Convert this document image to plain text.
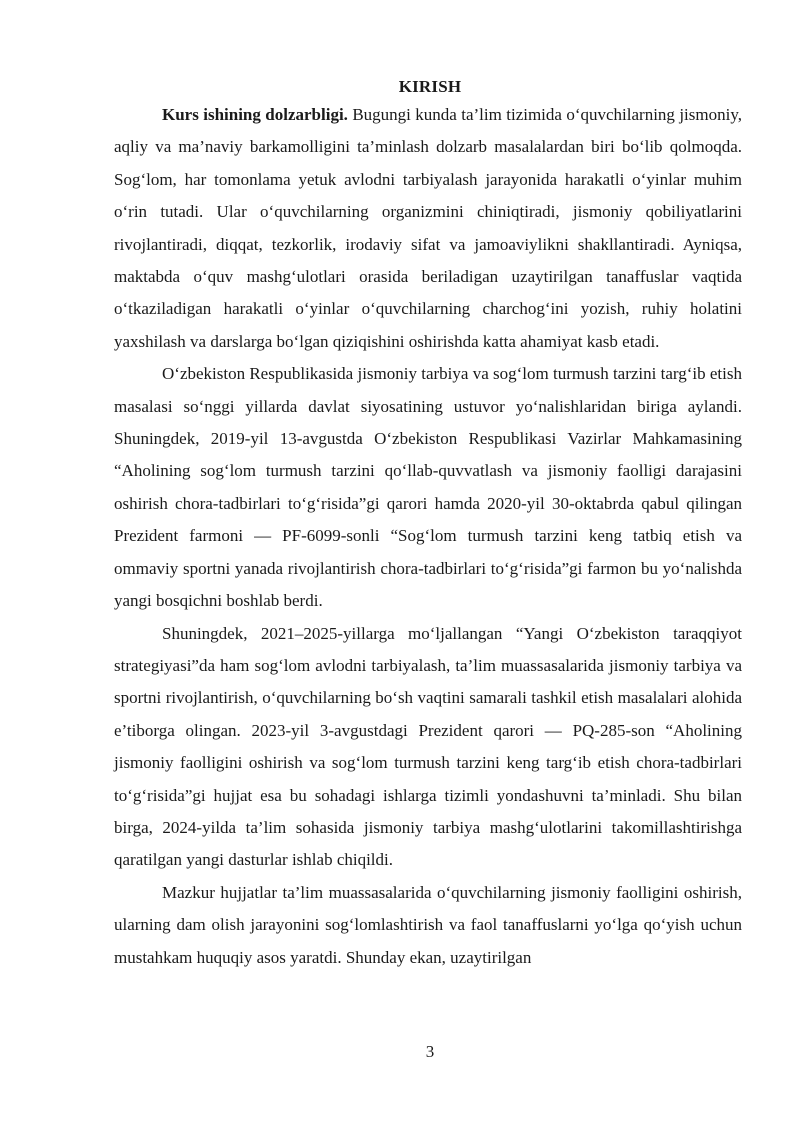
KIRISH

Kurs ishining dolzarbligi. Bugungi kunda ta’lim tizimida o‘quvchilarning jismoniy, aqliy va ma’naviy barkamolligini ta’minlash dolzarb masalalardan biri bo‘lib qolmoqda. Sog‘lom, har tomonlama yetuk avlodni tarbiyalash jarayonida harakatli o‘yinlar muhim o‘rin tutadi. Ular o‘quvchilarning organizmini chiniqtiradi, jismoniy qobiliyatlarini rivojlantiradi, diqqat, tezkorlik, irodaviy sifat va jamoaviylikni shakllantiradi. Ayniqsa, maktabda o‘quv mashg‘ulotlari orasida beriladigan uzaytirilgan tanaffuslar vaqtida o‘tkaziladigan harakatli o‘yinlar o‘quvchilarning charchog‘ini yozish, ruhiy holatini yaxshilash va darslarga bo‘lgan qiziqishini oshirishda katta ahamiyat kasb etadi.

O‘zbekiston Respublikasida jismoniy tarbiya va sog‘lom turmush tarzini targ‘ib etish masalasi so‘nggi yillarda davlat siyosatining ustuvor yo‘nalishlaridan biriga aylandi. Shuningdek, 2019-yil 13-avgustda O‘zbekiston Respublikasi Vazirlar Mahkamasining “Aholining sog‘lom turmush tarzini qo‘llab-quvvatlash va jismoniy faolligi darajasini oshirish chora-tadbirlari to‘g‘risida”gi qarori hamda 2020-yil 30-oktabrda qabul qilingan Prezident farmoni — PF-6099-sonli “Sog‘lom turmush tarzini keng tatbiq etish va ommaviy sportni yanada rivojlantirish chora-tadbirlari to‘g‘risida”gi farmon bu yo‘nalishda yangi bosqichni boshlab berdi.

Shuningdek, 2021–2025-yillarga mo‘ljallangan “Yangi O‘zbekiston taraqqiyot strategiyasi”da ham sog‘lom avlodni tarbiyalash, ta’lim muassasalarida jismoniy tarbiya va sportni rivojlantirish, o‘quvchilarning bo‘sh vaqtini samarali tashkil etish masalalari alohida e’tiborga olingan. 2023-yil 3-avgustdagi Prezident qarori — PQ-285-son “Aholining jismoniy faolligini oshirish va sog‘lom turmush tarzini keng targ‘ib etish chora-tadbirlari to‘g‘risida”gi hujjat esa bu sohadagi ishlarga tizimli yondashuvni ta’minladi. Shu bilan birga, 2024-yilda ta’lim sohasida jismoniy tarbiya mashg‘ulotlarini takomillashtirishga qaratilgan yangi dasturlar ishlab chiqildi.

Mazkur hujjatlar ta’lim muassasalarida o‘quvchilarning jismoniy faolligini oshirish, ularning dam olish jarayonini sog‘lomlashtirish va faol tanaffuslarni yo‘lga qo‘yish uchun mustahkam huquqiy asos yaratdi. Shunday ekan, uzaytirilgan

3
